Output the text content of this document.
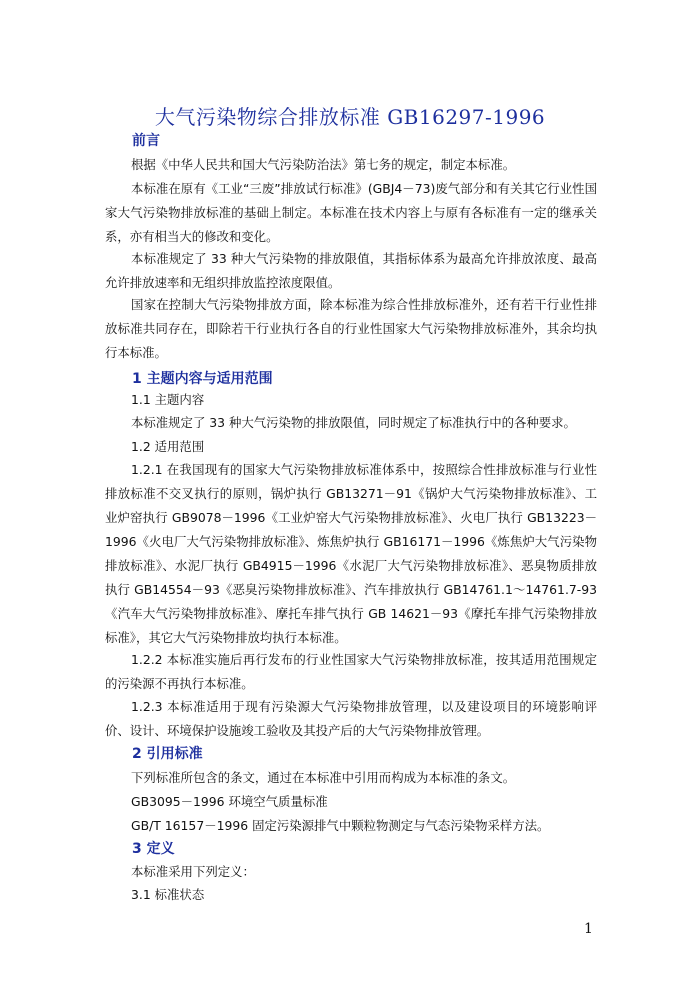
大气污染物综合排放标准 GB16297-1996
前言

根据《中华人民共和国大气污染防治法》第七务的规定，制定本标准。

本标准在原有《工业“三废”排放试行标准》(GBJ4－73)废气部分和有关其它行业性国家大气污染物排放标准的基础上制定。本标准在技术内容上与原有各标准有一定的继承关系，亦有相当大的修改和变化。

本标准规定了 33 种大气污染物的排放限值，其指标体系为最高允许排放浓度、最高允许排放速率和无组织排放监控浓度限值。

国家在控制大气污染物排放方面，除本标准为综合性排放标准外，还有若干行业性排放标准共同存在，即除若干行业执行各自的行业性国家大气污染物排放标准外，其余均执行本标准。

1 主题内容与适用范围

1.1 主题内容

本标准规定了 33 种大气污染物的排放限值，同时规定了标准执行中的各种要求。

1.2 适用范围

1.2.1 在我国现有的国家大气污染物排放标准体系中，按照综合性排放标准与行业性排放标准不交叉执行的原则，锅炉执行 GB13271－91《锅炉大气污染物排放标准》、工业炉窑执行 GB9078－1996《工业炉窑大气污染物排放标准》、火电厂执行 GB13223－1996《火电厂大气污染物排放标准》、炼焦炉执行 GB16171－1996《炼焦炉大气污染物排放标准》、水泥厂执行 GB4915－1996《水泥厂大气污染物排放标准》、恶臭物质排放执行 GB14554－93《恶臭污染物排放标准》、汽车排放执行 GB14761.1～14761.7-93《汽车大气污染物排放标准》、摩托车排气执行 GB 14621－93《摩托车排气污染物排放标准》，其它大气污染物排放均执行本标准。

1.2.2 本标准实施后再行发布的行业性国家大气污染物排放标准，按其适用范围规定的污染源不再执行本标准。

1.2.3 本标准适用于现有污染源大气污染物排放管理，以及建设项目的环境影响评价、设计、环境保护设施竣工验收及其投产后的大气污染物排放管理。

2 引用标准

下列标准所包含的条文，通过在本标准中引用而构成为本标准的条文。

GB3095－1996 环境空气质量标准

GB/T 16157－1996 固定污染源排气中颗粒物测定与气态污染物采样方法。

3 定义

本标准采用下列定义：

3.1 标准状态

1
